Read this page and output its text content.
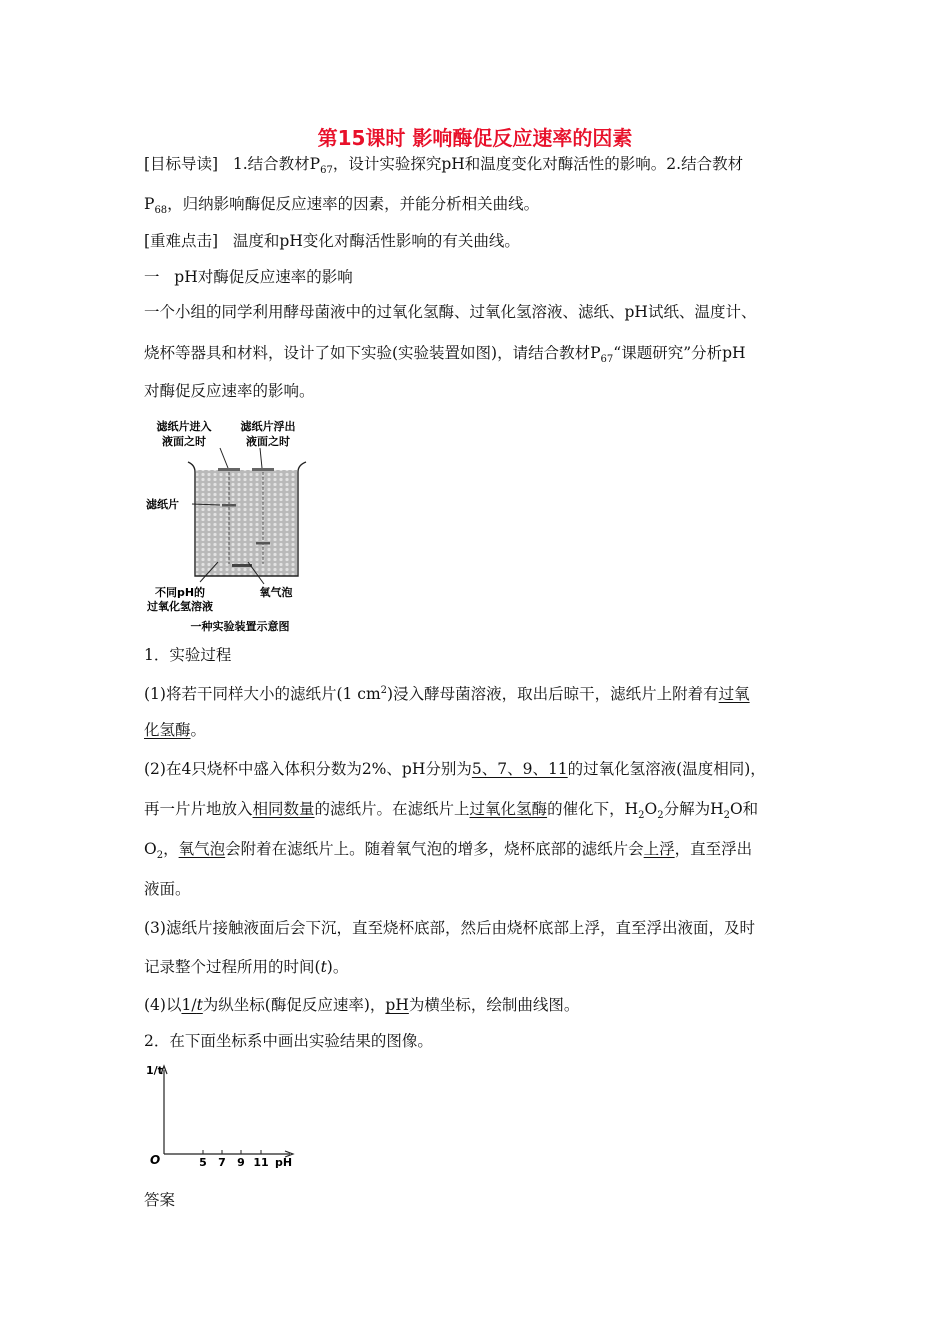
第15课时 影响酶促反应速率的因素
[目标导读] 1.结合教材$P_{67}$，设计实验探究pH和温度变化对酶活性的影响。2.结合教材
$P_{68}$，归纳影响酶促反应速率的因素，并能分析相关曲线。
[重难点击] 温度和pH变化对酶活性影响的有关曲线。
一 pH对酶促反应速率的影响
一个小组的同学利用酵母菌液中的过氧化氢酶、过氧化氢溶液、滤纸、pH试纸、温度计、
烧杯等器具和材料，设计了如下实验(实验装置如图)，请结合教材$P_{67}“$课题研究”分析pH
对酶促反应速率的影响。
滤纸片进入
液面之时
滤纸片浮出
液面之时
滤纸片
不同pH的
过氧化氢溶液
氧气泡
一种实验装置示意图
1．实验过程
(1)将若干同样大小的滤纸片(1 $cm^2$)浸入酵母菌溶液，取出后晾干，滤纸片上附着有过氧
化氢酶。
(2)在4只烧杯中盛入体积分数为2%、pH分别为5、7、9、11的过氧化氢溶液(温度相同)，
再一片片地放入相同数量的滤纸片。在滤纸片上过氧化氢酶的催化下，$H_2O_2$分解为$H_2O$和
$O_2$，氧气泡会附着在滤纸片上。随着氧气泡的增多，烧杯底部的滤纸片会上浮，直至浮出
液面。
(3)滤纸片接触液面后会下沉，直至烧杯底部，然后由烧杯底部上浮，直至浮出液面，及时
记录整个过程所用的时间(t)。
(4)以1/t为纵坐标(酶促反应速率)，pH为横坐标，绘制曲线图。
2．在下面坐标系中画出实验结果的图像。
1/t
O	5 7 9 11 pH
答案
